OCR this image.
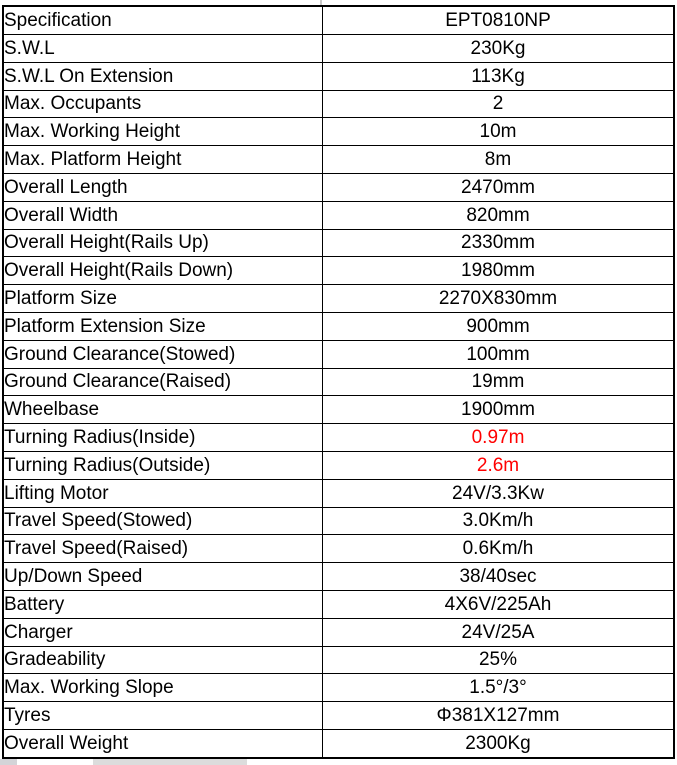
Specification	EPT0810NP
S.W.L	230Kg
S.W.L On Extension	113Kg
Max. Occupants	2
Max. Working Height	10m
Max. Platform Height	8m
Overall Length	2470mm
Overall Width	820mm
Overall Height(Rails Up)	2330mm
Overall Height(Rails Down)	1980mm
Platform Size	2270X830mm
Platform Extension Size	900mm
Ground Clearance(Stowed)	100mm
Ground Clearance(Raised)	19mm
Wheelbase	1900mm
Turning Radius(Inside)	0.97m
Turning Radius(Outside)	2.6m
Lifting Motor	24V/3.3Kw
Travel Speed(Stowed)	3.0Km/h
Travel Speed(Raised)	0.6Km/h
Up/Down Speed	38/40sec
Battery	4X6V/225Ah
Charger	24V/25A
Gradeability	25%
Max. Working Slope	1.5°/3°
Tyres	Φ381X127mm
Overall Weight	2300Kg
